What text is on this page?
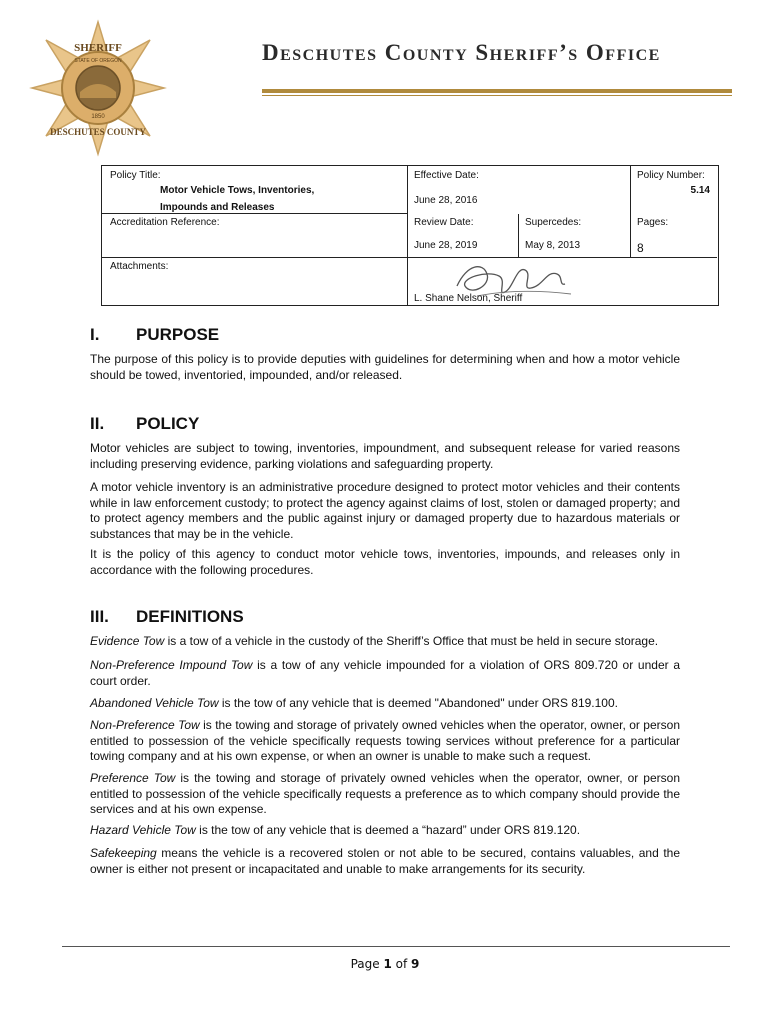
SHERIFF
DESCHUTES COUNTY
1850
STATE OF OREGON	Deschutes County Sheriff’s Office
Policy Title:
Motor Vehicle Tows, Inventories,
Impounds and Releases
Effective Date:
June 28, 2016
Policy Number:
5.14
Accreditation Reference:	Review Date:
June 28, 2019
Supercedes:
May 8, 2013
Pages:
8
Attachments:
L. Shane Nelson, Sheriff
I. PURPOSE
The purpose of this policy is to provide deputies with guidelines for determining when and how a motor vehicle should be towed, inventoried, impounded, and/or released.
II. POLICY
Motor vehicles are subject to towing, inventories, impoundment, and subsequent release for varied reasons including preserving evidence, parking violations and safeguarding property.
A motor vehicle inventory is an administrative procedure designed to protect motor vehicles and their contents while in law enforcement custody; to protect the agency against claims of lost, stolen or damaged property; and to protect agency members and the public against injury or damaged property due to hazardous materials or substances that may be in the vehicle.
It is the policy of this agency to conduct motor vehicle tows, inventories, impounds, and releases only in accordance with the following procedures.
III. DEFINITIONS
Evidence Tow is a tow of a vehicle in the custody of the Sheriff’s Office that must be held in secure storage.
Non-Preference Impound Tow is a tow of any vehicle impounded for a violation of ORS 809.720 or under a court order.
Abandoned Vehicle Tow is the tow of any vehicle that is deemed "Abandoned" under ORS 819.100.
Non-Preference Tow is the towing and storage of privately owned vehicles when the operator, owner, or person entitled to possession of the vehicle specifically requests towing services without preference for a particular towing company and at his own expense, or when an owner is unable to make such a request.
Preference Tow is the towing and storage of privately owned vehicles when the operator, owner, or person entitled to possession of the vehicle specifically requests a preference as to which company should provide the services and at his own expense.
Hazard Vehicle Tow is the tow of any vehicle that is deemed a “hazard” under ORS 819.120.
Safekeeping means the vehicle is a recovered stolen or not able to be secured, contains valuables, and the owner is either not present or incapacitated and unable to make arrangements for its security.
Page 1 of 9
